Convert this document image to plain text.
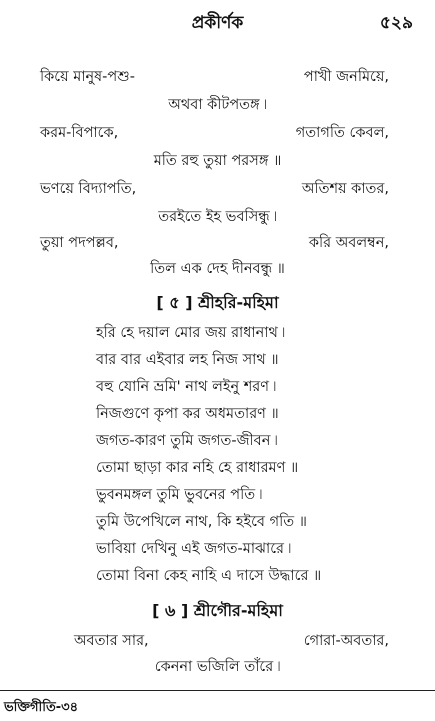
প্রকীর্ণক	৫২৯
কিয়ে মানুষ-পশু-	পাখী জনমিয়ে,
অথবা কীটপতঙ্গ ৷
করম-বিপাকে,	গতাগতি কেবল,
মতি রহু তুয়া পরসঙ্গ ॥
ভণয়ে বিদ্যাপতি,	অতিশয় কাতর,
তরইতে ইহ ভবসিন্ধু ৷
তুয়া পদপল্লব,	করি অবলম্বন,
তিল এক দেহ দীনবন্ধু ॥
[ ৫ ] শ্রীহরি-মহিমা
হরি হে দয়াল মোর জয় রাধানাথ ৷
বার বার এইবার লহ নিজ সাথ ॥
বহু যোনি ভ্রমি' নাথ লইনু শরণ ৷
নিজগুণে কৃপা কর অধমতারণ ॥
জগত-কারণ তুমি জগত-জীবন ৷
তোমা ছাড়া কার নহি হে রাধারমণ ॥
ভুবনমঙ্গল তুমি ভুবনের পতি ৷
তুমি উপেখিলে নাথ, কি হইবে গতি ॥
ভাবিয়া দেখিনু এই জগত-মাঝারে ৷
তোমা বিনা কেহ নাহি এ দাসে উদ্ধারে ॥
[ ৬ ] শ্রীগৌর-মহিমা
অবতার সার,	গোরা-অবতার,
কেননা ভজিলি তাঁরে ৷
ভক্তিগীতি-৩৪
